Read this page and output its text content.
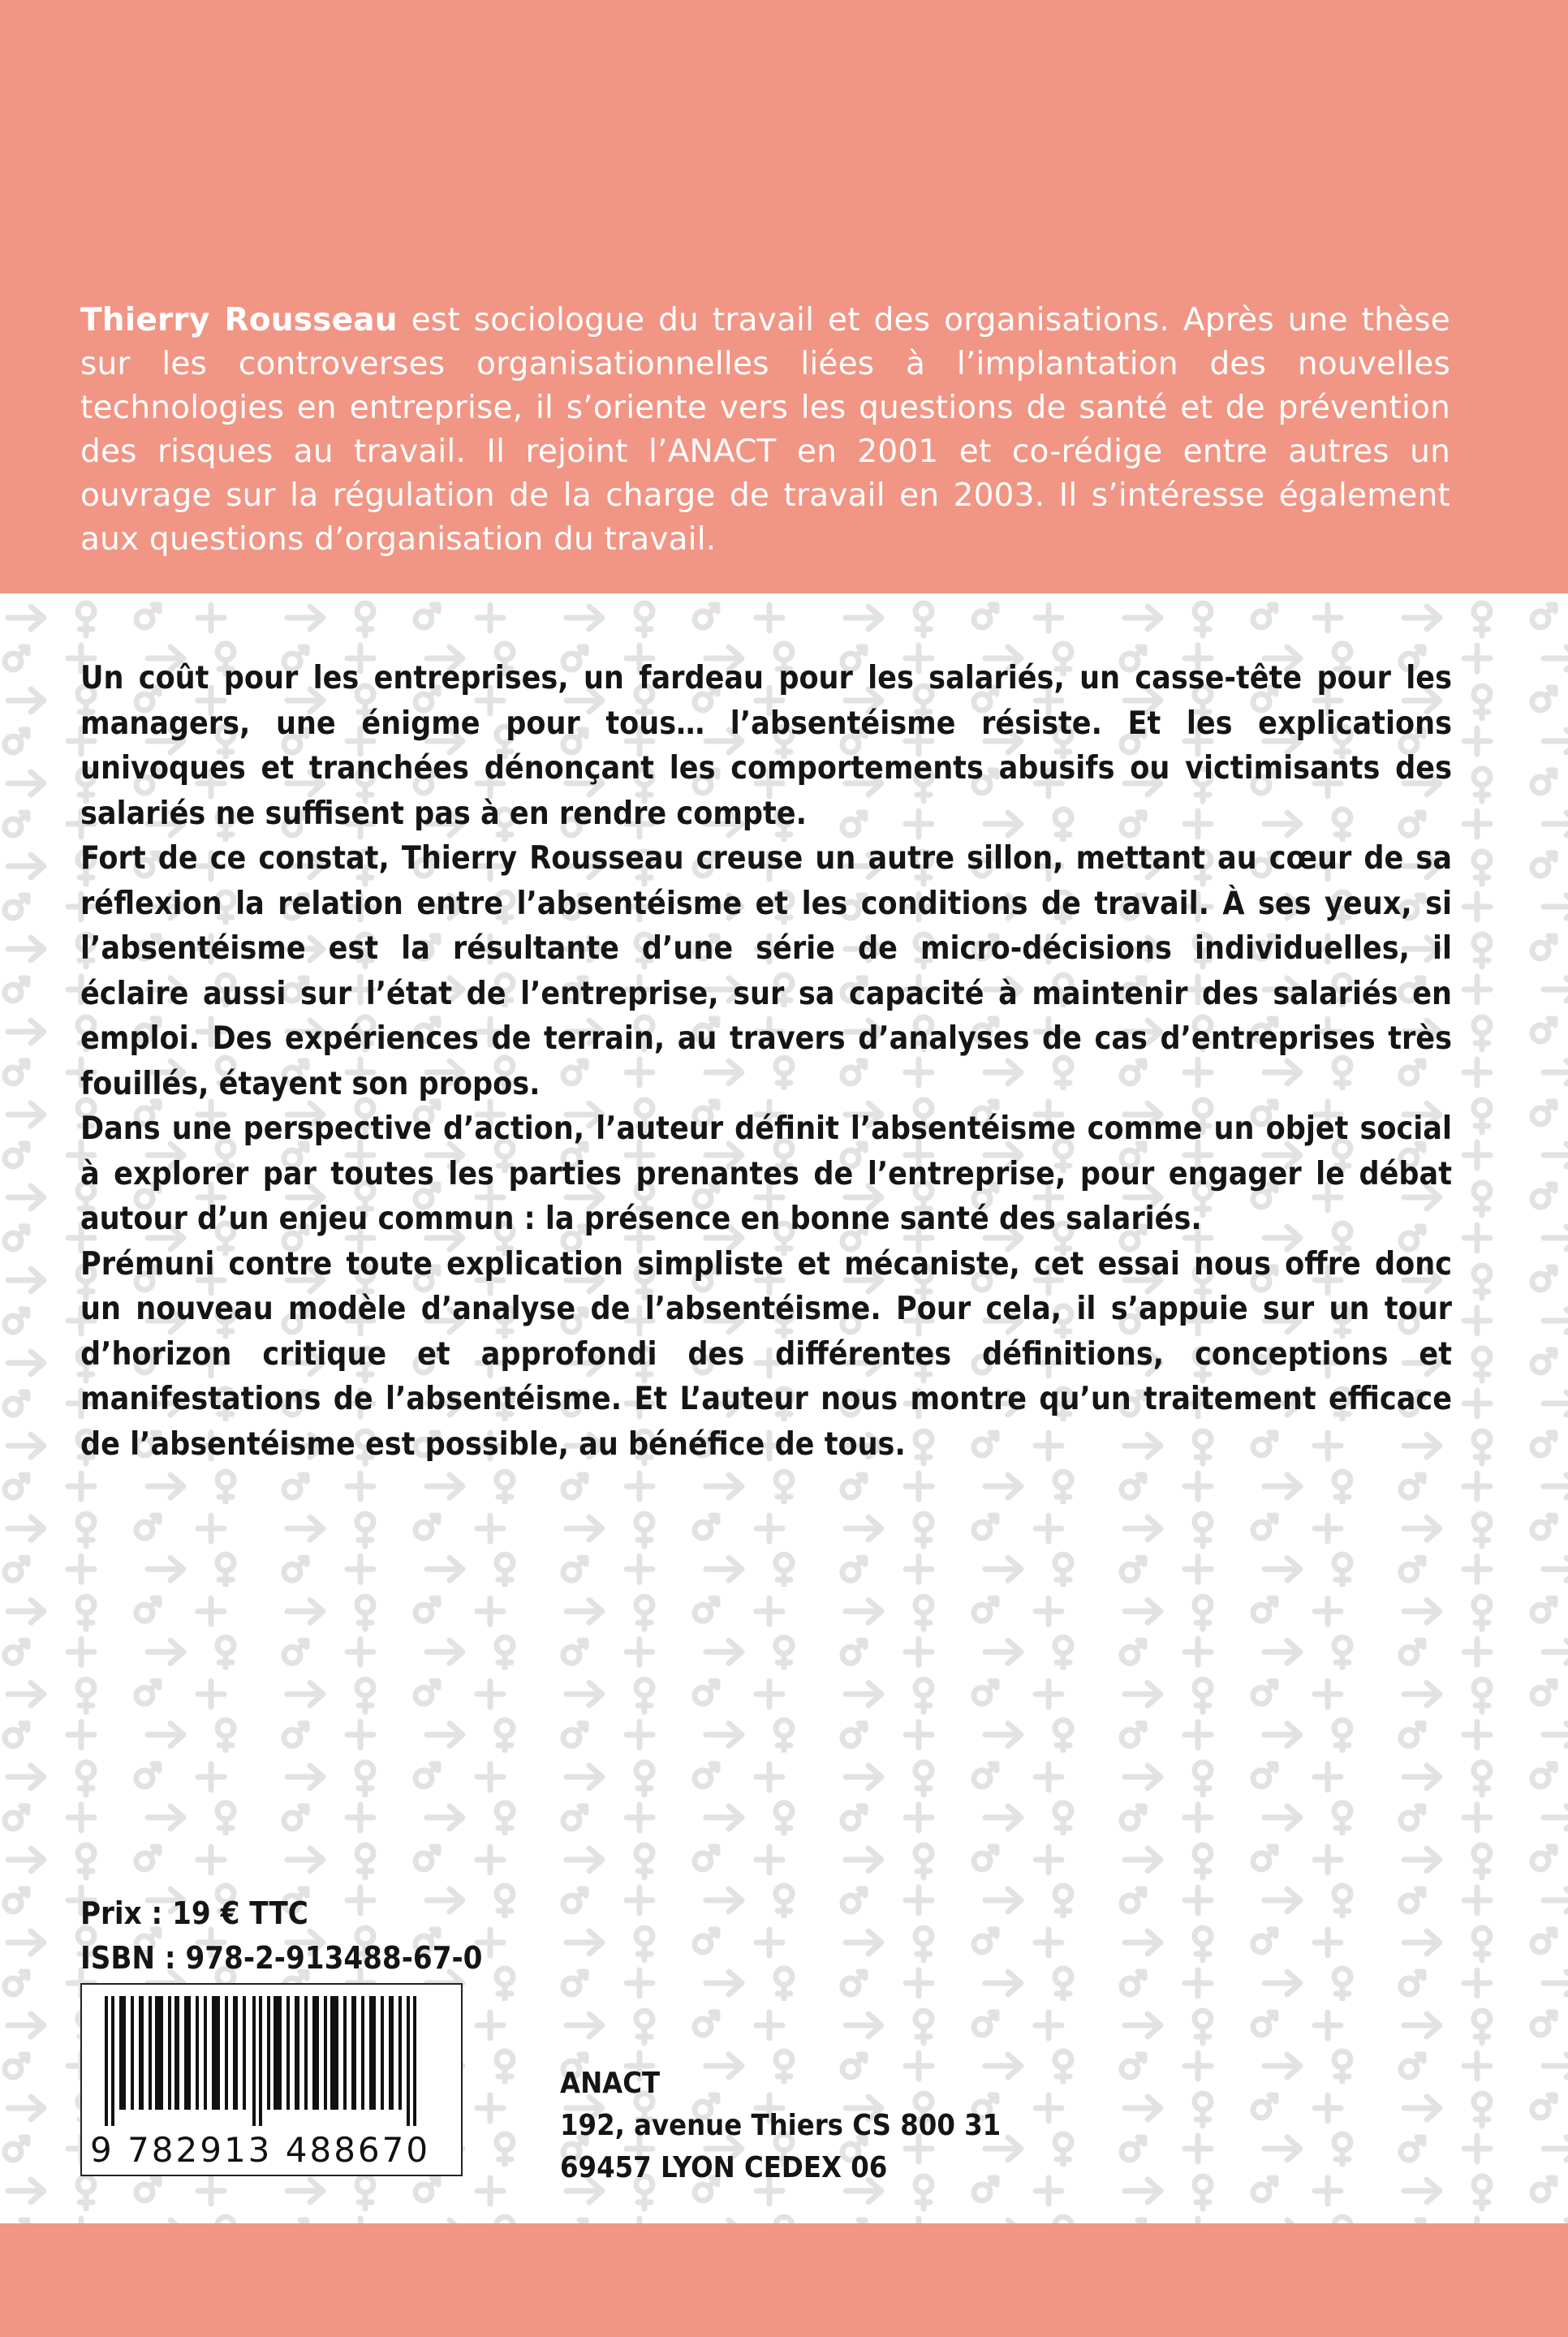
Thierry Rousseau est sociologue du travail et des organisations. Après une thèse sur les controverses organisationnelles liées à l’implantation des nouvelles technologies en entreprise, il s’oriente vers les questions de santé et de prévention des risques au travail. Il rejoint l’ANACT en 2001 et co-rédige entre autres un ouvrage sur la régulation de la charge de travail en 2003. Il s’intéresse également aux questions d’organisation du travail.

Un coût pour les entreprises, un fardeau pour les salariés, un casse-tête pour les managers, une énigme pour tous… l’absentéisme résiste. Et les explications univoques et tranchées dénonçant les comportements abusifs ou victimisants des salariés ne suffisent pas à en rendre compte.

Fort de ce constat, Thierry Rousseau creuse un autre sillon, mettant au cœur de sa réflexion la relation entre l’absentéisme et les conditions de travail. À ses yeux, si l’absentéisme est la résultante d’une série de micro-décisions individuelles, il éclaire aussi sur l’état de l’entreprise, sur sa capacité à maintenir des salariés en emploi. Des expériences de terrain, au travers d’analyses de cas d’entreprises très fouillés, étayent son propos.

Dans une perspective d’action, l’auteur définit l’absentéisme comme un objet social à explorer par toutes les parties prenantes de l’entreprise, pour engager le débat autour d’un enjeu commun : la présence en bonne santé des salariés.

Prémuni contre toute explication simpliste et mécaniste, cet essai nous offre donc un nouveau modèle d’analyse de l’absentéisme. Pour cela, il s’appuie sur un tour d’horizon critique et approfondi des différentes définitions, conceptions et manifestations de l’absentéisme. Et L’auteur nous montre qu’un traitement efficace de l’absentéisme est possible, au bénéfice de tous.

Prix : 19 € TTC
ISBN : 978-2-913488-67-0
9 782913 488670
ANACT
192, avenue Thiers CS 800 31
69457 LYON CEDEX 06
